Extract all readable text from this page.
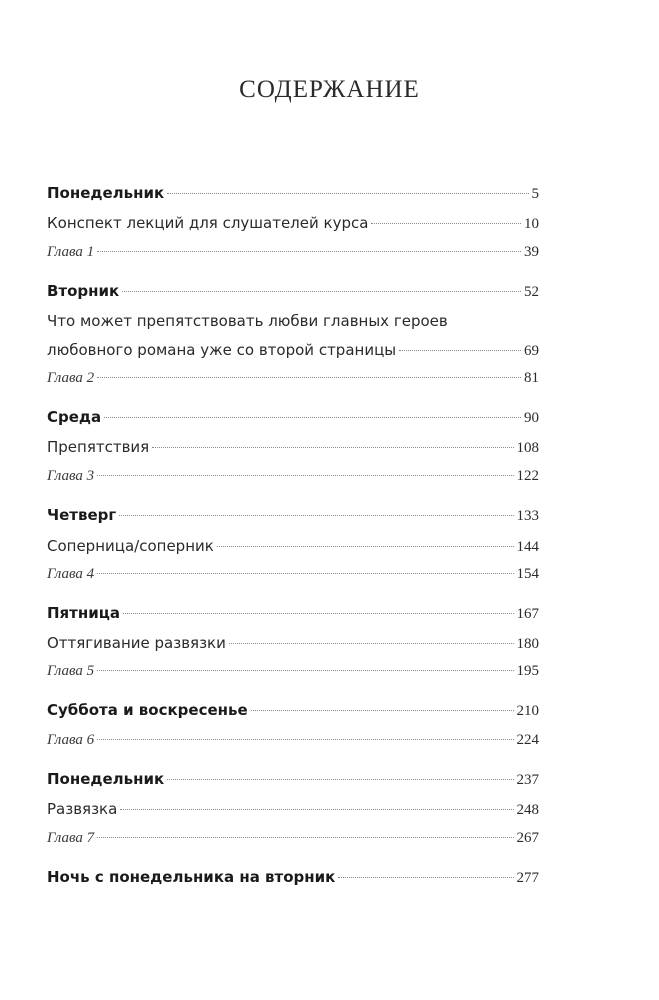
СОДЕРЖАНИЕ
Понедельник	5
Конспект лекций для слушателей курса	10
Глава 1	39
Вторник	52
Что может препятствовать любви главных героев
любовного романа уже со второй страницы	69
Глава 2	81
Среда	90
Препятствия	108
Глава 3	122
Четверг	133
Соперница/соперник	144
Глава 4	154
Пятница	167
Оттягивание развязки	180
Глава 5	195
Суббота и воскресенье	210
Глава 6	224
Понедельник	237
Развязка	248
Глава 7	267
Ночь с понедельника на вторник	277
